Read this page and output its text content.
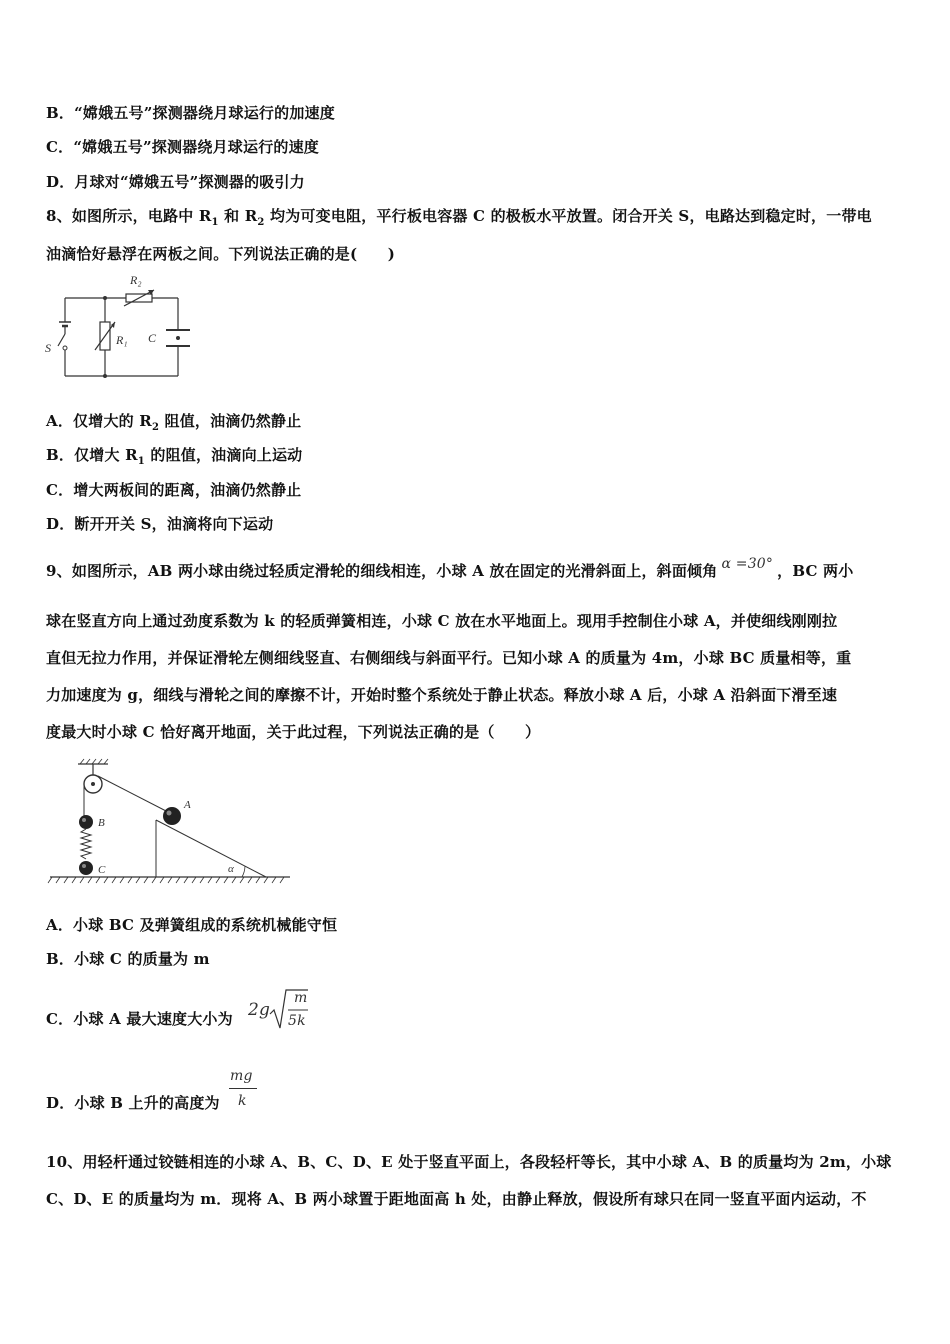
B．“嫦娥五号”探测器绕月球运行的加速度
C．“嫦娥五号”探测器绕月球运行的速度
D．月球对“嫦娥五号”探测器的吸引力
8、如图所示，电路中 $R_1$ 和 $R_2$ 均为可变电阻，平行板电容器 C 的极板水平放置。闭合开关 S，电路达到稳定时，一带电
油滴恰好悬浮在两板之间。下列说法正确的是(　　)
R₂
R₁ C
S
A．仅增大的 $R_2$ 阻值，油滴仍然静止
B．仅增大 $R_1$ 的阻值，油滴向上运动
C．增大两板间的距离，油滴仍然静止
D．断开开关 S，油滴将向下运动
9、如图所示，AB 两小球由绕过轻质定滑轮的细线相连，小球 A 放在固定的光滑斜面上，斜面倾角 α =30° ，BC 两小
球在竖直方向上通过劲度系数为 k 的轻质弹簧相连，小球 C 放在水平地面上。现用手控制住小球 A，并使细线刚刚拉
直但无拉力作用，并保证滑轮左侧细线竖直、右侧细线与斜面平行。已知小球 A 的质量为 4m，小球 BC 质量相等，重
力加速度为 g，细线与滑轮之间的摩擦不计，开始时整个系统处于静止状态。释放小球 A 后，小球 A 沿斜面下滑至速
度最大时小球 C 恰好离开地面，关于此过程，下列说法正确的是（　　）
A
B
C	α
A．小球 BC 及弹簧组成的系统机械能守恒
B．小球 C 的质量为 m
C．小球 A 最大速度大小为 2g
m
5k
D．小球 B 上升的高度为
mg
k
10、用轻杆通过铰链相连的小球 A、B、C、D、E 处于竖直平面上，各段轻杆等长，其中小球 A、B 的质量均为 2m，小球
C、D、E 的质量均为 m．现将 A、B 两小球置于距地面高 h 处，由静止释放，假设所有球只在同一竖直平面内运动，不
